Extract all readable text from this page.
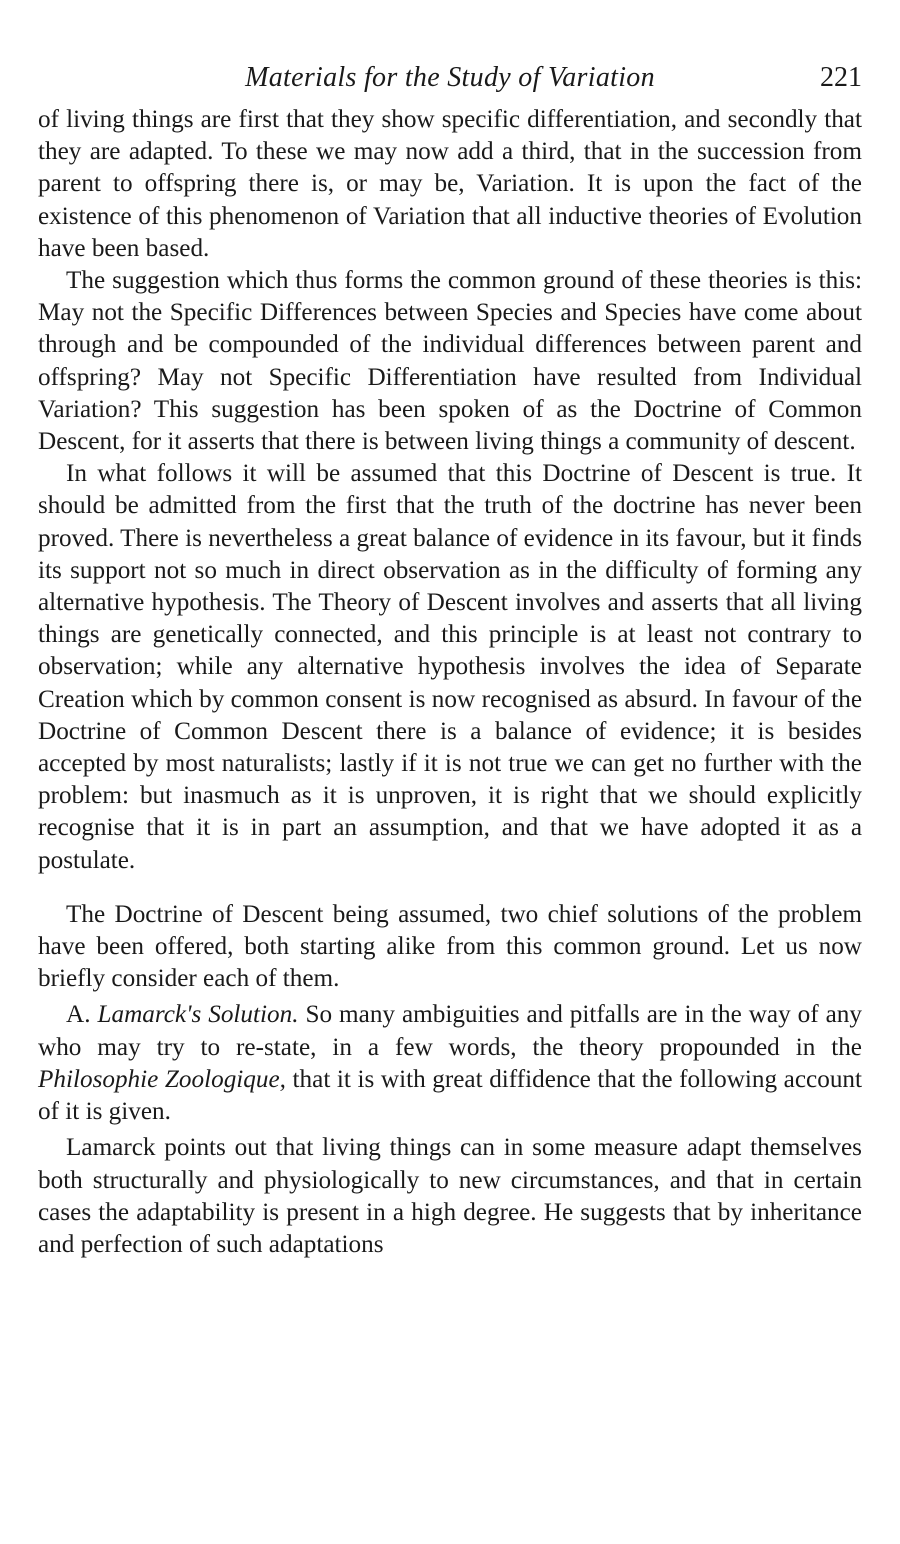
Materials for the Study of Variation	221

of living things are first that they show specific differentiation, and secondly that they are adapted. To these we may now add a third, that in the succession from parent to offspring there is, or may be, Variation. It is upon the fact of the existence of this phenomenon of Variation that all inductive theories of Evolution have been based.

The suggestion which thus forms the common ground of these theories is this: May not the Specific Differences between Species and Species have come about through and be compounded of the individual differences between parent and offspring? May not Specific Differentiation have resulted from Individual Variation? This suggestion has been spoken of as the Doctrine of Common Descent, for it asserts that there is between living things a community of descent.

In what follows it will be assumed that this Doctrine of Descent is true. It should be admitted from the first that the truth of the doctrine has never been proved. There is nevertheless a great balance of evidence in its favour, but it finds its support not so much in direct observation as in the difficulty of forming any alternative hypothesis. The Theory of Descent involves and asserts that all living things are genetically connected, and this principle is at least not contrary to observation; while any alternative hypothesis involves the idea of Separate Creation which by common consent is now recognised as absurd. In favour of the Doctrine of Common Descent there is a balance of evidence; it is besides accepted by most naturalists; lastly if it is not true we can get no further with the problem: but inasmuch as it is unproven, it is right that we should explicitly recognise that it is in part an assumption, and that we have adopted it as a postulate.

The Doctrine of Descent being assumed, two chief solutions of the problem have been offered, both starting alike from this common ground. Let us now briefly consider each of them.

A. Lamarck's Solution. So many ambiguities and pitfalls are in the way of any who may try to re-state, in a few words, the theory propounded in the Philosophie Zoologique, that it is with great diffidence that the following account of it is given.

Lamarck points out that living things can in some measure adapt themselves both structurally and physiologically to new circumstances, and that in certain cases the adaptability is present in a high degree. He suggests that by inheritance and perfection of such adaptations
